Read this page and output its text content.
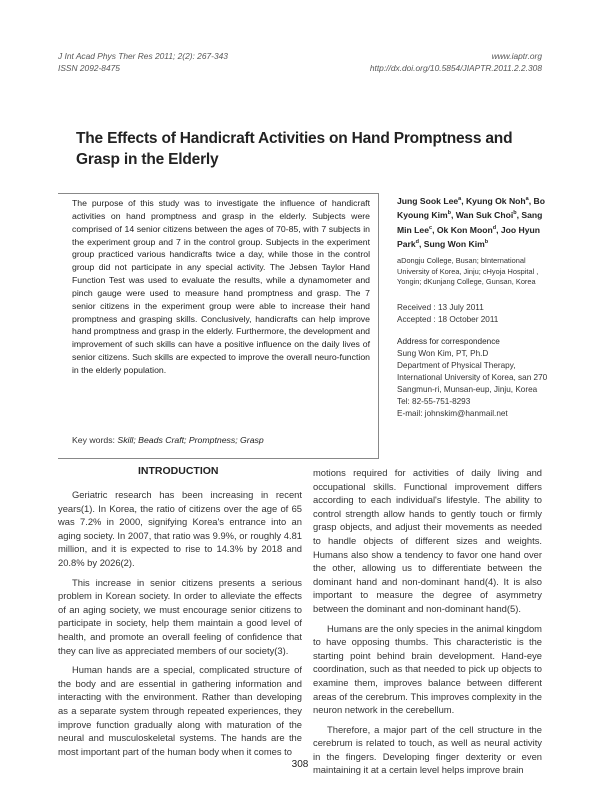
J Int Acad Phys Ther Res 2011; 2(2): 267-343
ISSN 2092-8475
www.iaptr.org
http://dx.doi.org/10.5854/JIAPTR.2011.2.2.308
The Effects of Handicraft Activities on Hand Promptness and Grasp in the Elderly

The purpose of this study was to investigate the influence of handicraft activities on hand promptness and grasp in the elderly. Subjects were comprised of 14 senior citizens between the ages of 70-85, with 7 subjects in the experiment group and 7 in the control group. Subjects in the experiment group practiced various handicrafts twice a day, while those in the control group did not participate in any special activity. The Jebsen Taylor Hand Function Test was used to evaluate the results, while a dynamometer and pinch gauge were used to measure hand promptness and grasp. The 7 senior citizens in the experiment group were able to increase their hand promptness and grasping skills. Conclusively, handicrafts can help improve hand promptness and grasp in the elderly. Furthermore, the development and improvement of such skills can have a positive influence on the daily lives of senior citizens. Such skills are expected to improve the overall neuro-function in the elderly population.

Key words: Skill; Beads Craft; Promptness; Grasp
Jung Sook Lee$^a$, Kyung Ok Noh$^a$, Bo Kyoung Kim$^b$, Wan Suk Choi$^b$, Sang Min Lee$^c$, Ok Kon Moon$^d$, Joo Hyun Park$^d$, Sung Won Kim$^b$
aDongju College, Busan; bInternational University of Korea, Jinju; cHyoja Hospital , Yongin; dKunjang College, Gunsan, Korea
Received : 13 July 2011
Accepted : 18 October 2011
Address for correspondence
Sung Won Kim, PT, Ph.D
Department of Physical Therapy, International University of Korea, san 270 Sangmun-ri, Munsan-eup, Jinju, Korea
Tel: 82-55-751-8293
E-mail: johnskim@hanmail.net
INTRODUCTION

Geriatric research has been increasing in recent years(1). In Korea, the ratio of citizens over the age of 65 was 7.2% in 2000, signifying Korea's entrance into an aging society. In 2007, that ratio was 9.9%, or roughly 4.81 million, and it is expected to rise to 14.3% by 2018 and 20.8% by 2026(2).

This increase in senior citizens presents a serious problem in Korean society. In order to alleviate the effects of an aging society, we must encourage senior citizens to participate in society, help them maintain a good level of health, and promote an overall feeling of confidence that they can live as appreciated members of our society(3).

Human hands are a special, complicated structure of the body and are essential in gathering information and interacting with the environment. Rather than developing as a separate system through repeated experiences, they improve function gradually along with maturation of the neural and musculoskeletal systems. The hands are the most important part of the human body when it comes to

motions required for activities of daily living and occupational skills. Functional improvement differs according to each individual's lifestyle. The ability to control strength allow hands to gently touch or firmly grasp objects, and adjust their movements as needed to handle objects of different sizes and weights. Humans also show a tendency to favor one hand over the other, allowing us to differentiate between the dominant hand and non-dominant hand(4). It is also important to measure the degree of asymmetry between the dominant and non-dominant hand(5).

Humans are the only species in the animal kingdom to have opposing thumbs. This characteristic is the starting point behind brain development. Hand-eye coordination, such as that needed to pick up objects to examine them, improves balance between different areas of the cerebrum. This improves complexity in the neuron network in the cerebellum.

Therefore, a major part of the cell structure in the cerebrum is related to touch, as well as neural activity in the fingers. Developing finger dexterity or even maintaining it at a certain level helps improve brain

308
